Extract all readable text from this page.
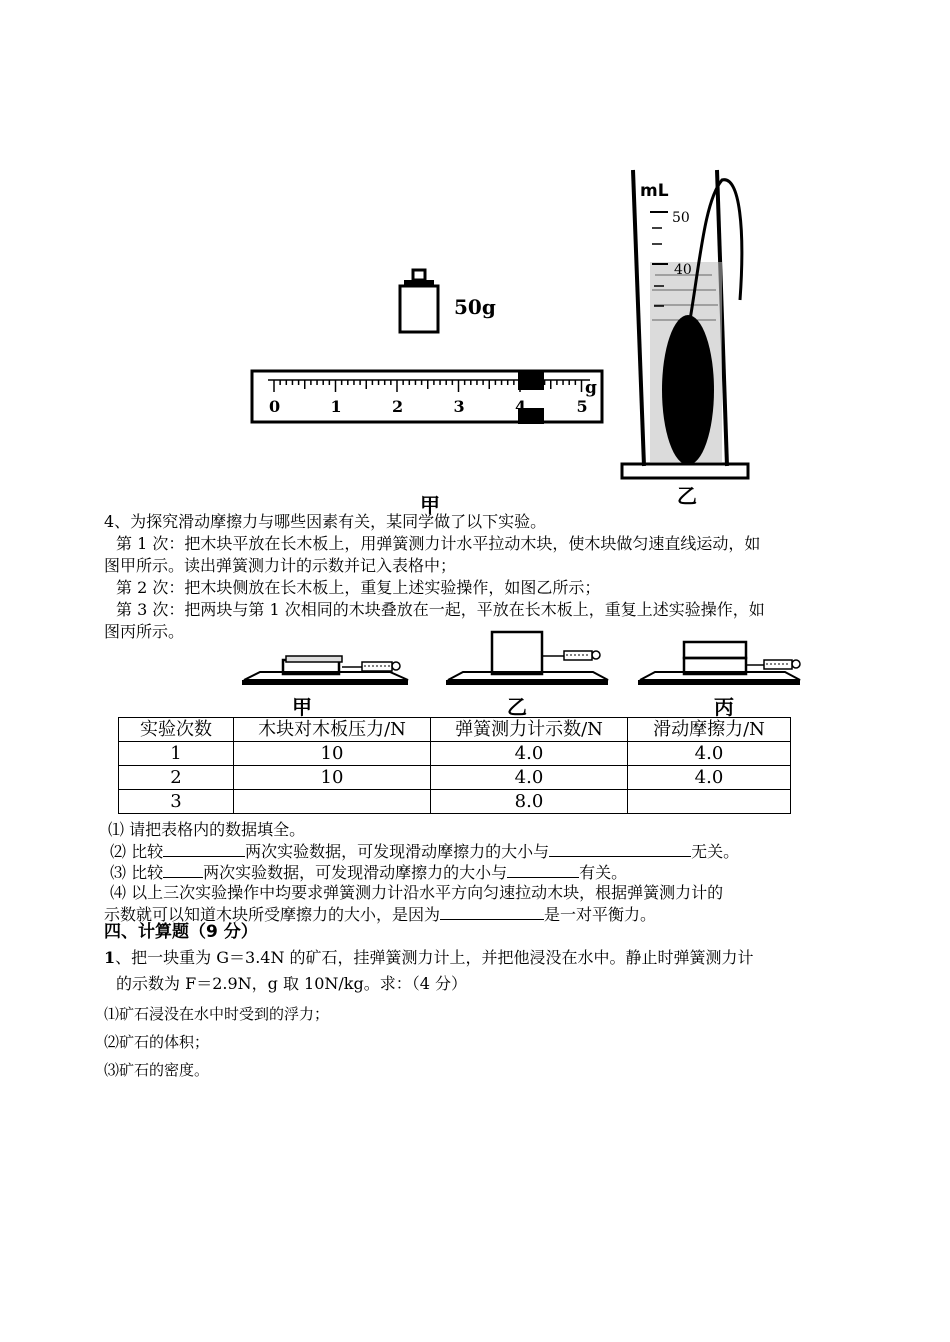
50g
0	1	2	3	4	5
g
mL
50
40
甲	乙
4、为探究滑动摩擦力与哪些因素有关，某同学做了以下实验。
第 1 次：把木块平放在长木板上，用弹簧测力计水平拉动木块，使木块做匀速直线运动，如
图甲所示。读出弹簧测力计的示数并记入表格中；
第 2 次：把木块侧放在长木板上，重复上述实验操作，如图乙所示；
第 3 次：把两块与第 1 次相同的木块叠放在一起，平放在长木板上，重复上述实验操作，如
图丙所示。
甲	乙	丙
实验次数	木块对木板压力/N	弹簧测力计示数/N	滑动摩擦力/N
1	10	4.0	4.0
2	10	4.0	4.0
3		8.0	
⑴ 请把表格内的数据填全。
⑵ 比较	两次实验数据，可发现滑动摩擦力的大小与	无关。
⑶ 比较	两次实验数据，可发现滑动摩擦力的大小与	有关。
⑷ 以上三次实验操作中均要求弹簧测力计沿水平方向匀速拉动木块，根据弹簧测力计的
示数就可以知道木块所受摩擦力的大小，是因为	是一对平衡力。
四、计算题（9 分）
1、把一块重为 G＝3.4N 的矿石，挂弹簧测力计上，并把他浸没在水中。静止时弹簧测力计
的示数为 F＝2.9N，g 取 10N/kg。求：（4 分）
⑴矿石浸没在水中时受到的浮力；
⑵矿石的体积；
⑶矿石的密度。
